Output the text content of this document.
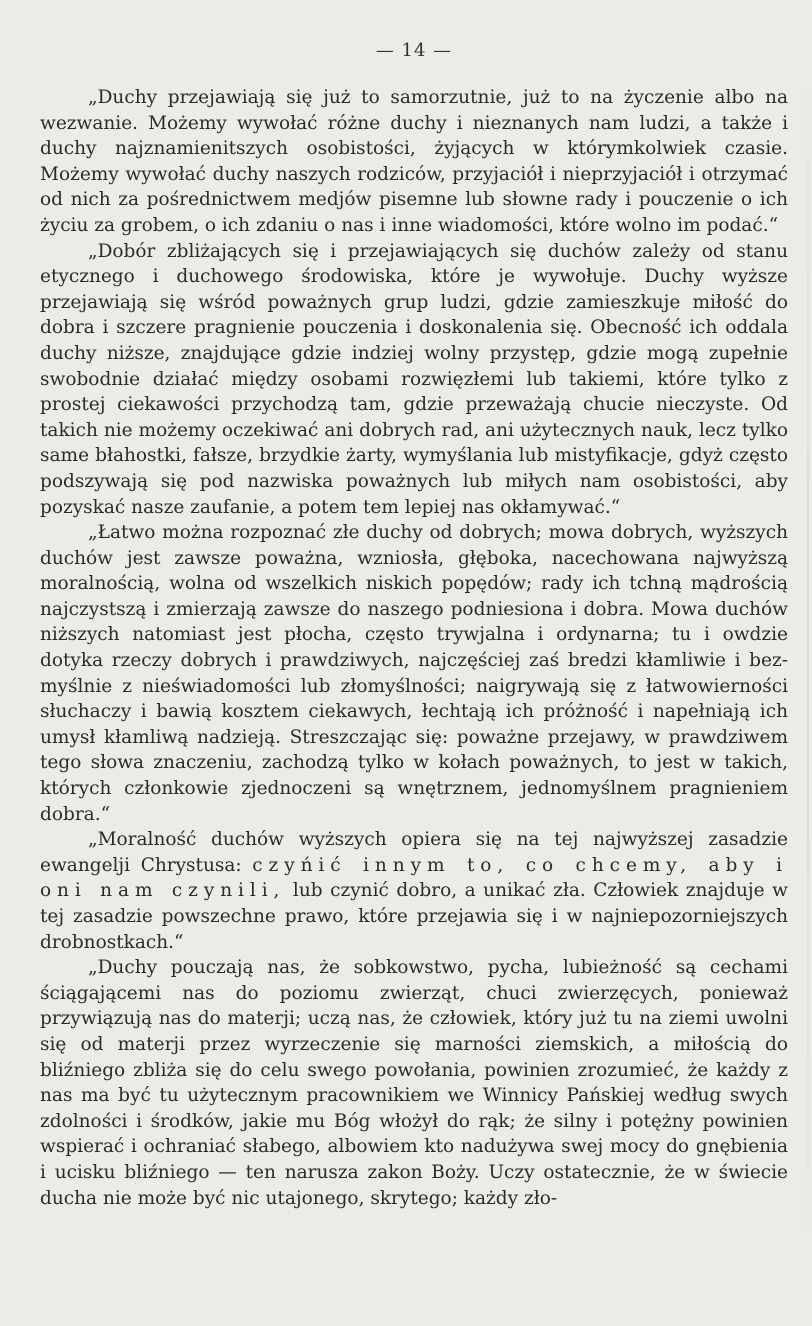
— 14 —

„Duchy przejawiają się już to samorzutnie, już to na życzenie albo na wezwanie. Możemy wywołać różne duchy i nieznanych nam ludzi, a także i duchy najznamienitszych osobistości, żyjących w którymkolwiek czasie. Możemy wywołać duchy naszych rodziców, przyjaciół i nieprzyjaciół i otrzymać od nich za pośrednictwem medjów pisemne lub słowne rady i pouczenie o ich życiu za grobem, o ich zdaniu o nas i inne wiadomości, które wolno im podać.“

„Dobór zbliżających się i przejawiających się duchów zależy od stanu etycznego i duchowego środowiska, które je wywołuje. Duchy wyższe przejawiają się wśród poważnych grup ludzi, gdzie zamieszkuje miłość do dobra i szczere pragnienie pouczenia i doskonalenia się. Obecność ich oddala duchy niższe, znajdujące gdzie indziej wolny przystęp, gdzie mogą zupełnie swobodnie działać między osobami rozwięzłemi lub takiemi, które tylko z prostej ciekawości przychodzą tam, gdzie przeważają chucie nieczyste. Od takich nie możemy oczekiwać ani dobrych rad, ani użytecznych nauk, lecz tylko same błahostki, fałsze, brzydkie żarty, wymyślania lub mistyfikacje, gdyż często podszywają się pod nazwiska poważnych lub miłych nam osobistości, aby pozyskać nasze zaufanie, a potem tem lepiej nas okłamywać.“

„Łatwo można rozpoznać złe duchy od dobrych; mowa dobrych, wyższych duchów jest zawsze poważna, wzniosła, głęboka, nacechowana najwyższą moralnością, wolna od wszelkich niskich popędów; rady ich tchną mądrością najczystszą i zmierzają zawsze do naszego podniesiona i dobra. Mowa duchów niższych natomiast jest płocha, często trywjalna i ordynarna; tu i owdzie dotyka rzeczy dobrych i prawdziwych, najczęściej zaś bredzi kłamliwie i bezmyślnie z nieświadomości lub złomyślności; naigrywają się z łatwowierności słuchaczy i bawią kosztem ciekawych, łechtają ich próżność i napełniają ich umysł kłamliwą nadzieją. Streszczając się: poważne przejawy, w prawdziwem tego słowa znaczeniu, zachodzą tylko w kołach poważnych, to jest w takich, których członkowie zjednoczeni są wnętrznem, jednomyślnem pragnieniem dobra.“

„Moralność duchów wyższych opiera się na tej najwyższej zasadzie ewangelji Chrystusa: czyńić innym to, co chcemy, aby i oni nam czynili, lub czynić dobro, a unikać zła. Człowiek znajduje w tej zasadzie powszechne prawo, które przejawia się i w najniepozorniejszych drobnostkach.“

„Duchy pouczają nas, że sobkowstwo, pycha, lubieżność są cechami ściągającemi nas do poziomu zwierząt, chuci zwierzęcych, ponieważ przywiązują nas do materji; uczą nas, że człowiek, który już tu na ziemi uwolni się od materji przez wyrzeczenie się marności ziemskich, a miłością do bliźniego zbliża się do celu swego powołania, powinien zrozumieć, że każdy z nas ma być tu użytecznym pracownikiem we Winnicy Pańskiej według swych zdolności i środków, jakie mu Bóg włożył do rąk; że silny i potężny powinien wspierać i ochraniać słabego, albowiem kto nadużywa swej mocy do gnębienia i ucisku bliźniego — ten narusza zakon Boży. Uczy ostatecznie, że w świecie ducha nie może być nic utajonego, skrytego; każdy zło-
